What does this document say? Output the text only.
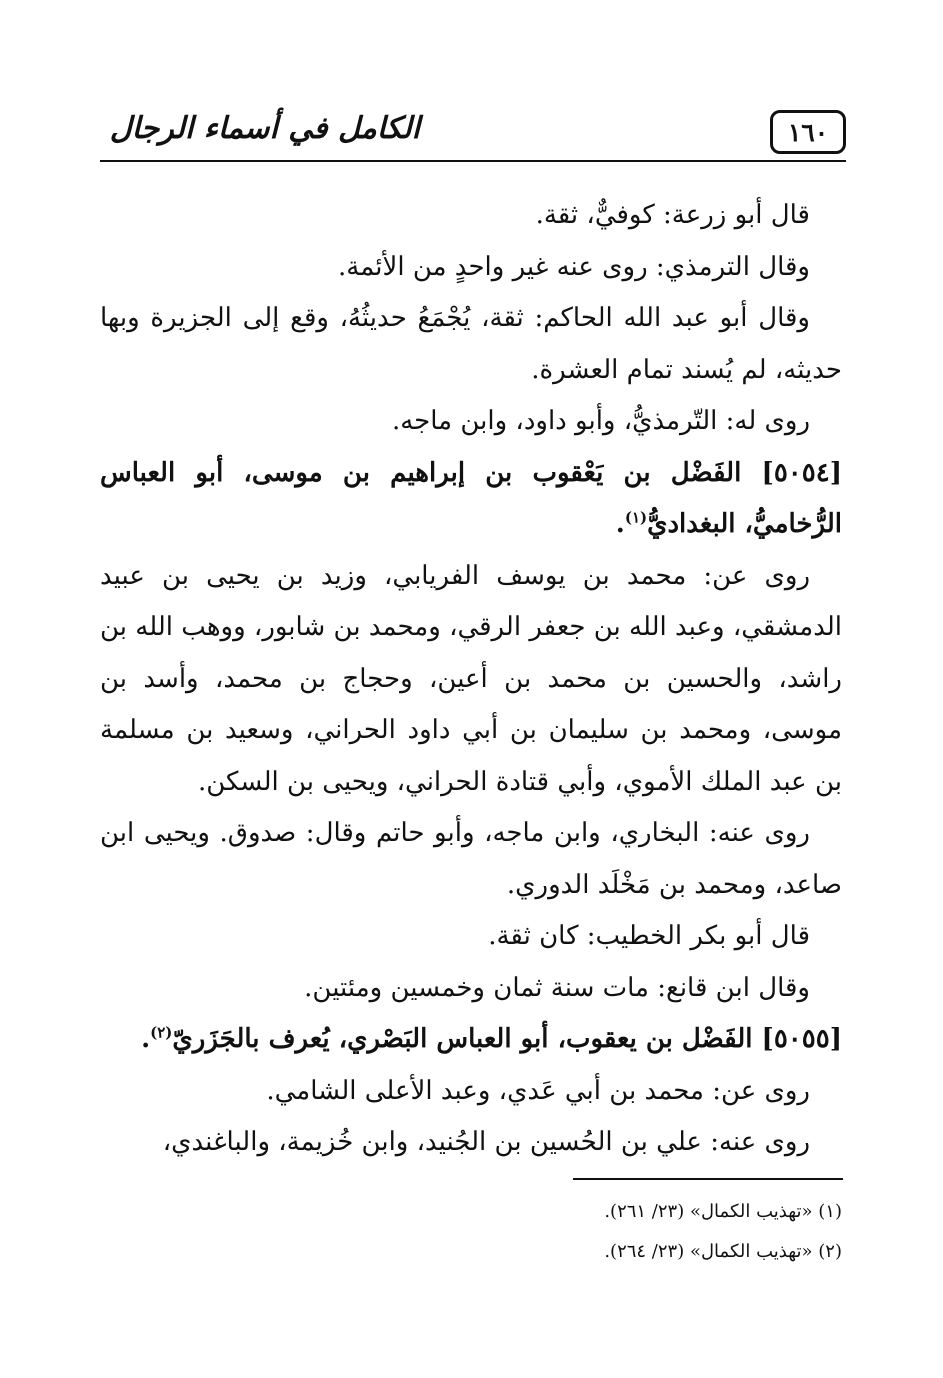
١٦٠
الكامل في أسماء الرجال

قال أبو زرعة: كوفيٌّ، ثقة.

وقال الترمذي: روى عنه غير واحدٍ من الأئمة.

وقال أبو عبد الله الحاكم: ثقة، يُجْمَعُ حديثُهُ، وقع إلى الجزيرة وبها حديثه، لم يُسند تمام العشرة.

روى له: التّرمذيُّ، وأبو داود، وابن ماجه.

[٥٠٥٤] الفَضْل بن يَعْقوب بن إبراهيم بن موسى، أبو العباس الرُّخاميُّ، البغداديُّ$^{(١)}$.

روى عن: محمد بن يوسف الفريابي، وزيد بن يحيى بن عبيد الدمشقي، وعبد الله بن جعفر الرقي، ومحمد بن شابور، ووهب الله بن راشد، والحسين بن محمد بن أعين، وحجاج بن محمد، وأسد بن موسى، ومحمد بن سليمان بن أبي داود الحراني، وسعيد بن مسلمة بن عبد الملك الأموي، وأبي قتادة الحراني، ويحيى بن السكن.

روى عنه: البخاري، وابن ماجه، وأبو حاتم وقال: صدوق. ويحيى ابن صاعد، ومحمد بن مَخْلَد الدوري.

قال أبو بكر الخطيب: كان ثقة.

وقال ابن قانع: مات سنة ثمان وخمسين ومئتين.

[٥٠٥٥] الفَضْل بن يعقوب، أبو العباس البَصْري، يُعرف بالجَزَريّ$^{(٢)}$.

روى عن: محمد بن أبي عَدي، وعبد الأعلى الشامي.

روى عنه: علي بن الحُسين بن الجُنيد، وابن خُزيمة، والباغندي،

(١) «تهذيب الكمال» (٢٣/ ٢٦١).

(٢) «تهذيب الكمال» (٢٣/ ٢٦٤).
